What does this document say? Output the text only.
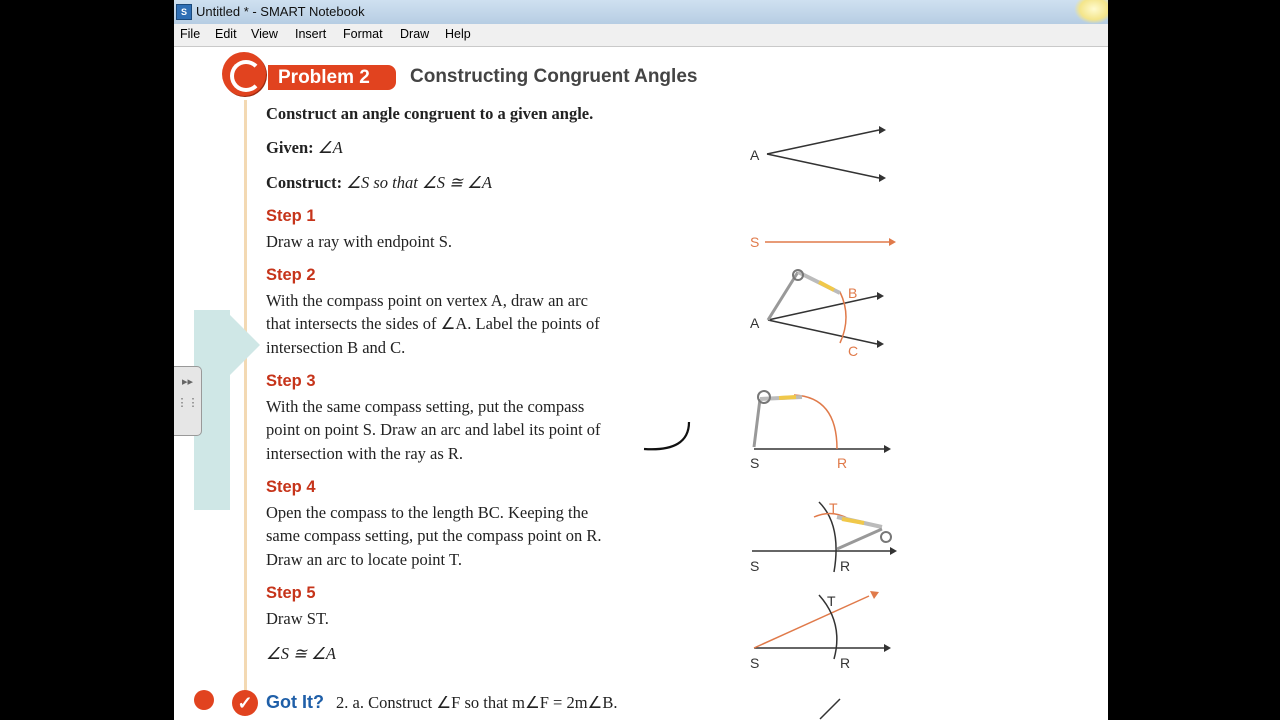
S Untitled * - SMART Notebook
File Edit View Insert Format Draw Help
Problem 2	Constructing Congruent Angles
Construct an angle congruent to a given angle.
Given: ∠A
Construct: ∠S so that ∠S ≅ ∠A
Step 1
Draw a ray with endpoint S.
Step 2
With the compass point on vertex A, draw an arc
that intersects the sides of ∠A. Label the points of
intersection B and C.
Step 3
With the same compass setting, put the compass
point on point S. Draw an arc and label its point of
intersection with the ray as R.
Step 4
Open the compass to the length BC. Keeping the
same compass setting, put the compass point on R.
Draw an arc to locate point T.
Step 5
Draw ST.
∠S ≅ ∠A
A
S
B
C
A
S	R
S	R
T
S	R
T
▸▸
⋮⋮
✓ Got It? 2. a. Construct ∠F so that m∠F = 2m∠B.
